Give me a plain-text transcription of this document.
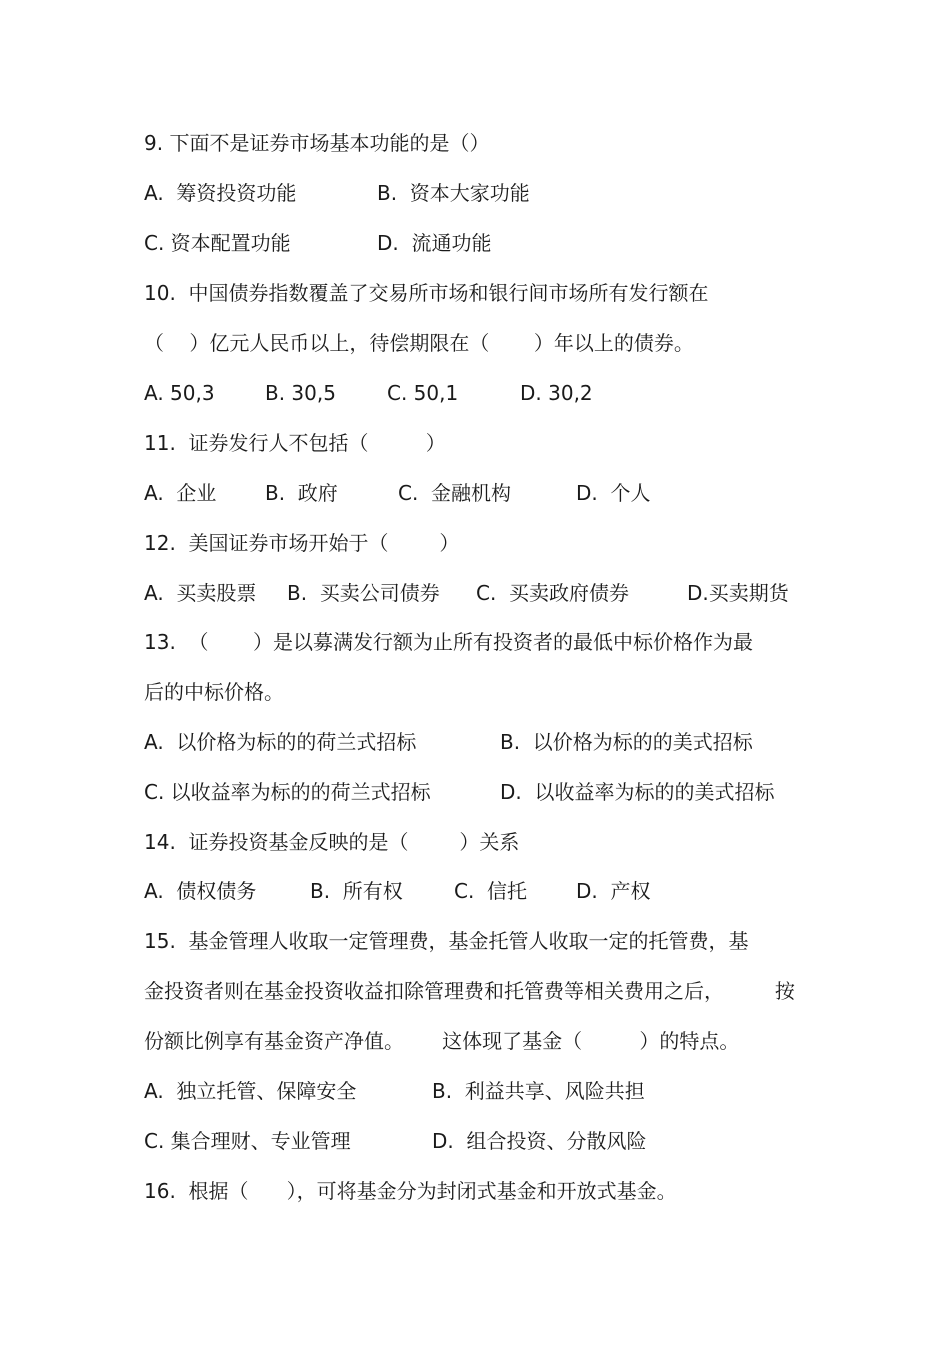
9. 下面不是证券市场基本功能的是（）

A.  筹资投资功能

	B.  资本大家功能

C. 资本配置功能

	D.  流通功能

10.  中国债券指数覆盖了交易所市场和银行间市场所有发行额在
（    ）亿元人民币以上，待偿期限在（       ）年以上的债券。

A. 50,3

	B. 30,5

	C. 50,1

	D. 30,2

11.  证券发行人不包括（         ）

A.  企业

B.  政府

	C.  金融机构

	D.  个人

12.  美国证券市场开始于（        ）

A.  买卖股票

B.  买卖公司债券

C.  买卖政府债券

	D.买卖期货

13.  （       ）是以募满发行额为止所有投资者的最低中标价格作为最
后的中标价格。

A.  以价格为标的的荷兰式招标

	B.  以价格为标的的美式招标

C. 以收益率为标的的荷兰式招标

	D.  以收益率为标的的美式招标

14.  证券投资基金反映的是（        ）关系

A.  债权债务

	B.  所有权

	C.  信托

D.  产权

15.  基金管理人收取一定管理费，基金托管人收取一定的托管费，基
金投资者则在基金投资收益扣除管理费和托管费等相关费用之后，        按
份额比例享有基金资产净值。      这体现了基金（         ）的特点。

A.  独立托管、保障安全

	B.  利益共享、风险共担

C. 集合理财、专业管理

	D.  组合投资、分散风险

16.  根据（      ），可将基金分为封闭式基金和开放式基金。
